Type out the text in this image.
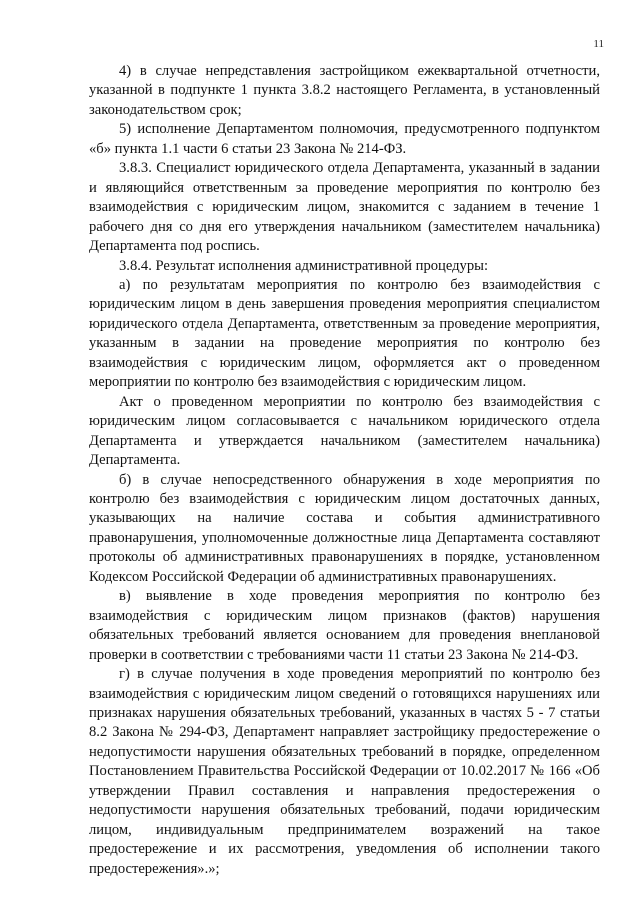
11

4) в случае непредставления застройщиком ежеквартальной отчетности, указанной в подпункте 1 пункта 3.8.2 настоящего Регламента, в установленный законодательством срок;

5) исполнение Департаментом полномочия, предусмотренного подпунктом «б» пункта 1.1 части 6 статьи 23 Закона № 214-ФЗ.

3.8.3. Специалист юридического отдела Департамента, указанный в задании и являющийся ответственным за проведение мероприятия по контролю без взаимодействия с юридическим лицом, знакомится с заданием в течение 1 рабочего дня со дня его утверждения начальником (заместителем начальника) Департамента под роспись.

3.8.4. Результат исполнения административной процедуры:

а) по результатам мероприятия по контролю без взаимодействия с юридическим лицом в день завершения проведения мероприятия специалистом юридического отдела Департамента, ответственным за проведение мероприятия, указанным в задании на проведение мероприятия по контролю без взаимодействия с юридическим лицом, оформляется акт о проведенном мероприятии по контролю без взаимодействия с юридическим лицом.

Акт о проведенном мероприятии по контролю без взаимодействия с юридическим лицом согласовывается с начальником юридического отдела Департамента и утверждается начальником (заместителем начальника) Департамента.

б) в случае непосредственного обнаружения в ходе мероприятия по контролю без взаимодействия с юридическим лицом достаточных данных, указывающих на наличие состава и события административного правонарушения, уполномоченные должностные лица Департамента составляют протоколы об административных правонарушениях в порядке, установленном Кодексом Российской Федерации об административных правонарушениях.

в) выявление в ходе проведения мероприятия по контролю без взаимодействия с юридическим лицом признаков (фактов) нарушения обязательных требований является основанием для проведения внеплановой проверки в соответствии с требованиями части 11 статьи 23 Закона № 214-ФЗ.

г) в случае получения в ходе проведения мероприятий по контролю без взаимодействия с юридическим лицом сведений о готовящихся нарушениях или признаках нарушения обязательных требований, указанных в частях 5 - 7 статьи 8.2 Закона № 294-ФЗ, Департамент направляет застройщику предостережение о недопустимости нарушения обязательных требований в порядке, определенном Постановлением Правительства Российской Федерации от 10.02.2017 № 166 «Об утверждении Правил составления и направления предостережения о недопустимости нарушения обязательных требований, подачи юридическим лицом, индивидуальным предпринимателем возражений на такое предостережение и их рассмотрения, уведомления об исполнении такого предостережения».»;
